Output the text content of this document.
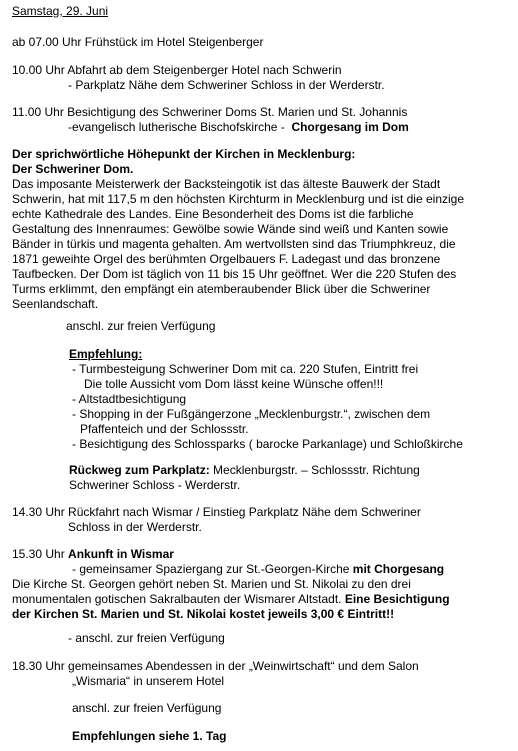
Samstag, 29. Juni
ab 07.00 Uhr Frühstück im Hotel Steigenberger
10.00 Uhr Abfahrt ab dem Steigenberger Hotel nach Schwerin
- Parkplatz Nähe dem Schweriner Schloss in der Werderstr.
11.00 Uhr Besichtigung des Schweriner Doms St. Marien und St. Johannis
-evangelisch lutherische Bischofskirche - Chorgesang im Dom
Der sprichwörtliche Höhepunkt der Kirchen in Mecklenburg:
Der Schweriner Dom.
Das imposante Meisterwerk der Backsteingotik ist das älteste Bauwerk der Stadt
Schwerin, hat mit 117,5 m den höchsten Kirchturm in Mecklenburg und ist die einzige
echte Kathedrale des Landes. Eine Besonderheit des Doms ist die farbliche
Gestaltung des Innenraumes: Gewölbe sowie Wände sind weiß und Kanten sowie
Bänder in türkis und magenta gehalten. Am wertvollsten sind das Triumphkreuz, die
1871 geweihte Orgel des berühmten Orgelbauers F. Ladegast und das bronzene
Taufbecken. Der Dom ist täglich von 11 bis 15 Uhr geöffnet. Wer die 220 Stufen des
Turms erklimmt, den empfängt ein atemberaubender Blick über die Schweriner
Seenlandschaft.
anschl. zur freien Verfügung
Empfehlung:
- Turmbesteigung Schweriner Dom mit ca. 220 Stufen, Eintritt frei
Die tolle Aussicht vom Dom lässt keine Wünsche offen!!!
- Altstadtbesichtigung
- Shopping in der Fußgängerzone „Mecklenburgstr.“, zwischen dem
Pfaffenteich und der Schlossstr.
- Besichtigung des Schlossparks ( barocke Parkanlage) und Schloßkirche
Rückweg zum Parkplatz: Mecklenburgstr. – Schlossstr. Richtung
Schweriner Schloss - Werderstr.
14.30 Uhr Rückfahrt nach Wismar / Einstieg Parkplatz Nähe dem Schweriner
Schloss in der Werderstr.
15.30 Uhr Ankunft in Wismar
- gemeinsamer Spaziergang zur St.-Georgen-Kirche mit Chorgesang
Die Kirche St. Georgen gehört neben St. Marien und St. Nikolai zu den drei
monumentalen gotischen Sakralbauten der Wismarer Altstadt. Eine Besichtigung
der Kirchen St. Marien und St. Nikolai kostet jeweils 3,00 € Eintritt!!
- anschl. zur freien Verfügung
18.30 Uhr gemeinsames Abendessen in der „Weinwirtschaft“ und dem Salon
„Wismaria“ in unserem Hotel
anschl. zur freien Verfügung
Empfehlungen siehe 1. Tag
